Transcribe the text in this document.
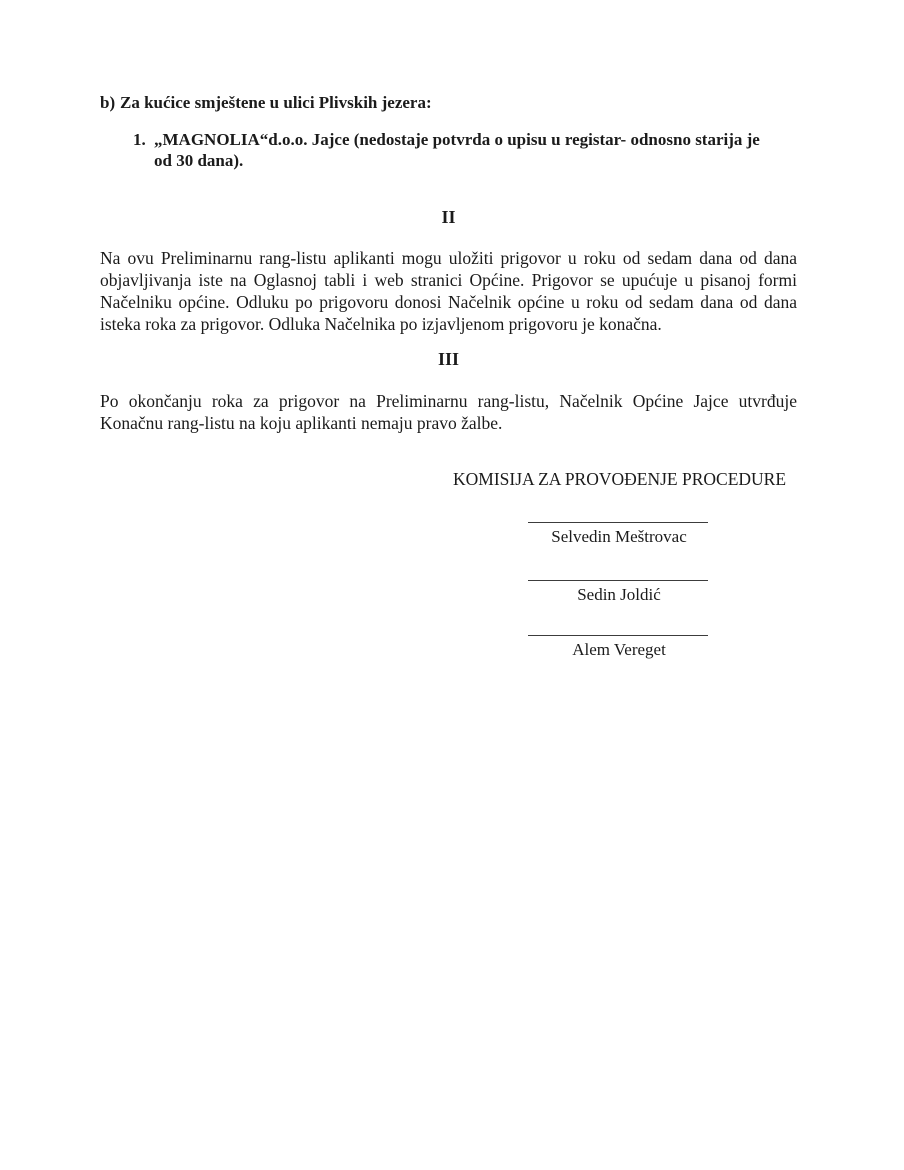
b) Za kućice smještene u ulici Plivskih jezera:
1. „MAGNOLIA“d.o.o. Jajce (nedostaje potvrda o upisu u registar- odnosno starija je od 30 dana).
II

Na ovu Preliminarnu rang-listu aplikanti mogu uložiti prigovor u roku od sedam dana od dana objavljivanja iste na Oglasnoj tabli i web stranici Općine. Prigovor se upućuje u pisanoj formi Načelniku općine. Odluku po prigovoru donosi Načelnik općine u roku od sedam dana od dana isteka roka za prigovor. Odluka Načelnika po izjavljenom prigovoru je konačna.

III

Po okončanju roka za prigovor na Preliminarnu rang-listu, Načelnik Općine Jajce utvrđuje Konačnu rang-listu na koju aplikanti nemaju pravo žalbe.

KOMISIJA ZA PROVOĐENJE PROCEDURE
Selvedin Meštrovac
Sedin Joldić
Alem Vereget
